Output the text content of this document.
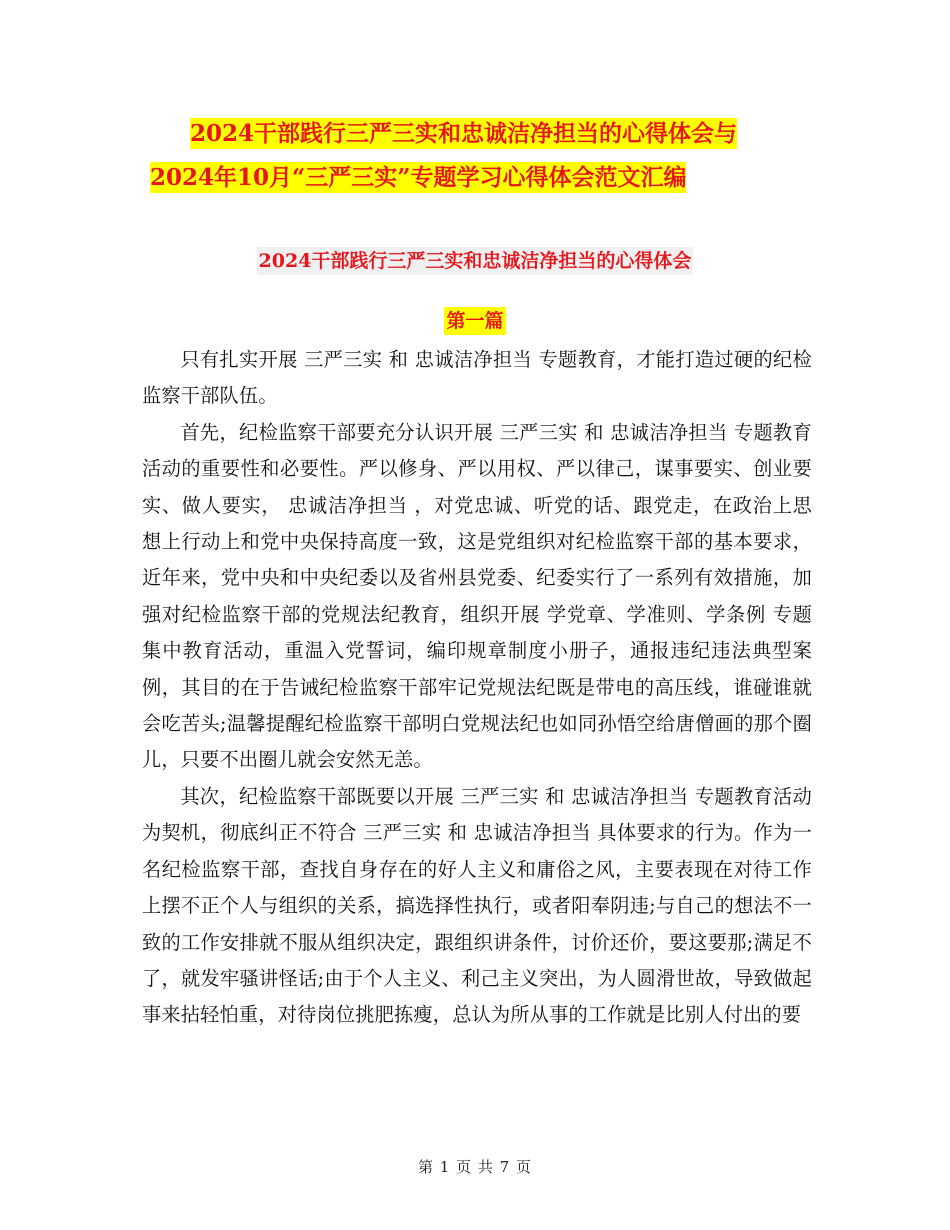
2024干部践行三严三实和忠诚洁净担当的心得体会与
2024年10月“三严三实”专题学习心得体会范文汇编
2024干部践行三严三实和忠诚洁净担当的心得体会
第一篇

只有扎实开展 三严三实 和 忠诚洁净担当 专题教育，才能打造过硬的纪检监察干部队伍。

首先，纪检监察干部要充分认识开展 三严三实 和 忠诚洁净担当 专题教育活动的重要性和必要性。严以修身、严以用权、严以律己，谋事要实、创业要实、做人要实， 忠诚洁净担当 ，对党忠诚、听党的话、跟党走，在政治上思想上行动上和党中央保持高度一致，这是党组织对纪检监察干部的基本要求，近年来，党中央和中央纪委以及省州县党委、纪委实行了一系列有效措施，加强对纪检监察干部的党规法纪教育，组织开展 学党章、学准则、学条例 专题集中教育活动，重温入党誓词，编印规章制度小册子，通报违纪违法典型案例，其目的在于告诫纪检监察干部牢记党规法纪既是带电的高压线，谁碰谁就会吃苦头;温馨提醒纪检监察干部明白党规法纪也如同孙悟空给唐僧画的那个圈儿，只要不出圈儿就会安然无恙。

其次，纪检监察干部既要以开展 三严三实 和 忠诚洁净担当 专题教育活动为契机，彻底纠正不符合 三严三实 和 忠诚洁净担当 具体要求的行为。作为一名纪检监察干部，查找自身存在的好人主义和庸俗之风，主要表现在对待工作上摆不正个人与组织的关系，搞选择性执行，或者阳奉阴违;与自己的想法不一致的工作安排就不服从组织决定，跟组织讲条件，讨价还价，要这要那;满足不了，就发牢骚讲怪话;由于个人主义、利己主义突出，为人圆滑世故，导致做起事来拈轻怕重，对待岗位挑肥拣瘦，总认为所从事的工作就是比别人付出的要

第 1 页 共 7 页
